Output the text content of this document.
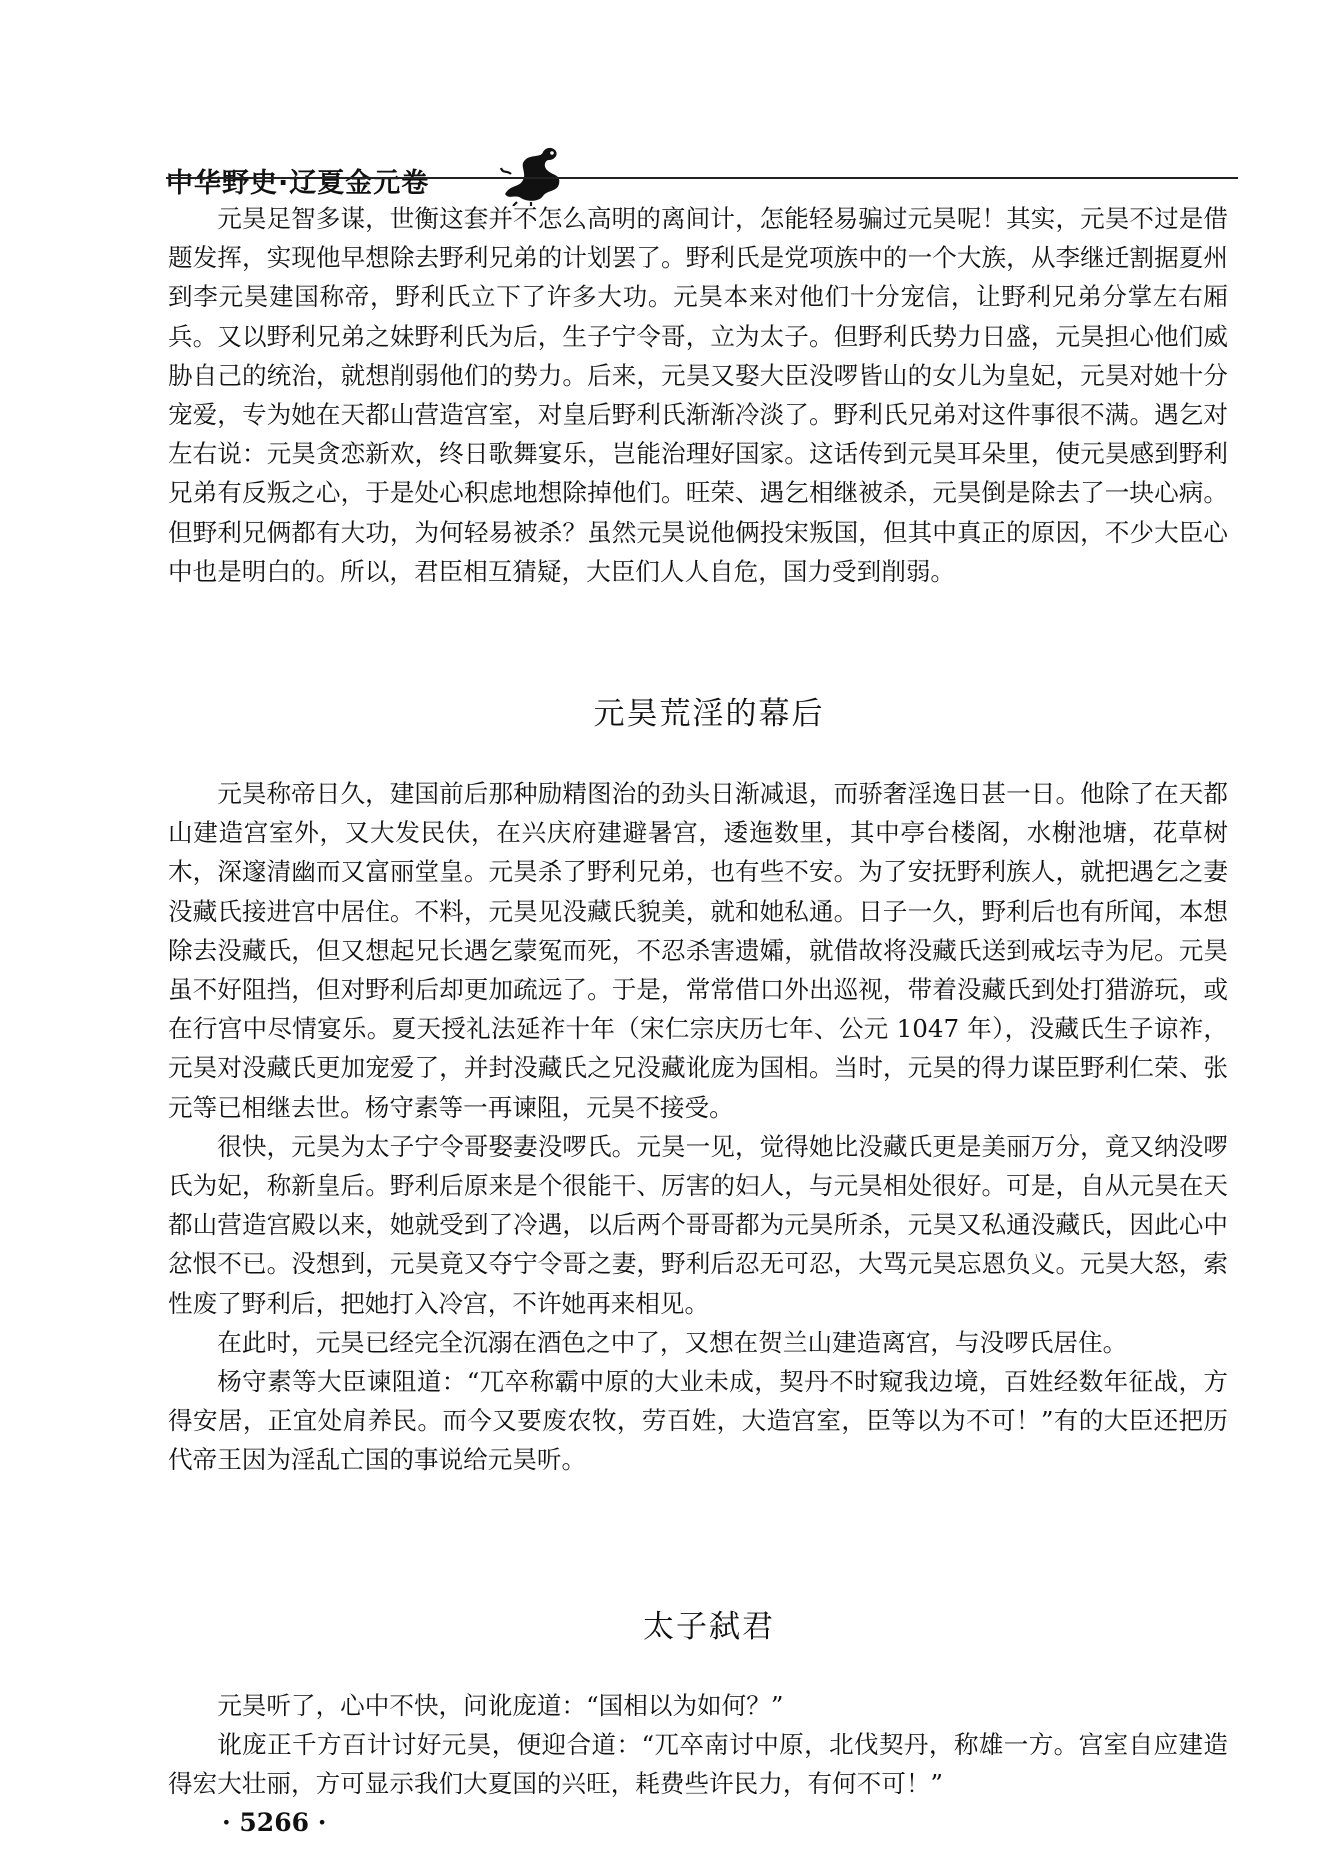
中华野史·辽夏金元卷

元昊足智多谋，世衡这套并不怎么高明的离间计，怎能轻易骗过元昊呢！其实，元昊不过是借题发挥，实现他早想除去野利兄弟的计划罢了。野利氏是党项族中的一个大族，从李继迁割据夏州到李元昊建国称帝，野利氏立下了许多大功。元昊本来对他们十分宠信，让野利兄弟分掌左右厢兵。又以野利兄弟之妹野利氏为后，生子宁令哥，立为太子。但野利氏势力日盛，元昊担心他们威胁自己的统治，就想削弱他们的势力。后来，元昊又娶大臣没啰皆山的女儿为皇妃，元昊对她十分宠爱，专为她在天都山营造宫室，对皇后野利氏渐渐冷淡了。野利氏兄弟对这件事很不满。遇乞对左右说：元昊贪恋新欢，终日歌舞宴乐，岂能治理好国家。这话传到元昊耳朵里，使元昊感到野利兄弟有反叛之心，于是处心积虑地想除掉他们。旺荣、遇乞相继被杀，元昊倒是除去了一块心病。但野利兄俩都有大功，为何轻易被杀？虽然元昊说他俩投宋叛国，但其中真正的原因，不少大臣心中也是明白的。所以，君臣相互猜疑，大臣们人人自危，国力受到削弱。

元昊荒淫的幕后

元昊称帝日久，建国前后那种励精图治的劲头日渐减退，而骄奢淫逸日甚一日。他除了在天都山建造宫室外，又大发民伕，在兴庆府建避暑宫，逶迤数里，其中亭台楼阁，水榭池塘，花草树木，深邃清幽而又富丽堂皇。元昊杀了野利兄弟，也有些不安。为了安抚野利族人，就把遇乞之妻没藏氏接进宫中居住。不料，元昊见没藏氏貌美，就和她私通。日子一久，野利后也有所闻，本想除去没藏氏，但又想起兄长遇乞蒙冤而死，不忍杀害遗孀，就借故将没藏氏送到戒坛寺为尼。元昊虽不好阻挡，但对野利后却更加疏远了。于是，常常借口外出巡视，带着没藏氏到处打猎游玩，或在行宫中尽情宴乐。夏天授礼法延祚十年（宋仁宗庆历七年、公元 1047 年），没藏氏生子谅祚，元昊对没藏氏更加宠爱了，并封没藏氏之兄没藏讹庞为国相。当时，元昊的得力谋臣野利仁荣、张元等已相继去世。杨守素等一再谏阻，元昊不接受。

很快，元昊为太子宁令哥娶妻没啰氏。元昊一见，觉得她比没藏氏更是美丽万分，竟又纳没啰氏为妃，称新皇后。野利后原来是个很能干、厉害的妇人，与元昊相处很好。可是，自从元昊在天都山营造宫殿以来，她就受到了冷遇，以后两个哥哥都为元昊所杀，元昊又私通没藏氏，因此心中忿恨不已。没想到，元昊竟又夺宁令哥之妻，野利后忍无可忍，大骂元昊忘恩负义。元昊大怒，索性废了野利后，把她打入冷宫，不许她再来相见。

在此时，元昊已经完全沉溺在酒色之中了，又想在贺兰山建造离宫，与没啰氏居住。

杨守素等大臣谏阻道：“兀卒称霸中原的大业未成，契丹不时窥我边境，百姓经数年征战，方得安居，正宜处肩养民。而今又要废农牧，劳百姓，大造宫室，臣等以为不可！”有的大臣还把历代帝王因为淫乱亡国的事说给元昊听。

太子弑君

元昊听了，心中不快，问讹庞道：“国相以为如何？”

讹庞正千方百计讨好元昊，便迎合道：“兀卒南讨中原，北伐契丹，称雄一方。宫室自应建造得宏大壮丽，方可显示我们大夏国的兴旺，耗费些许民力，有何不可！”

· 5266 ·
